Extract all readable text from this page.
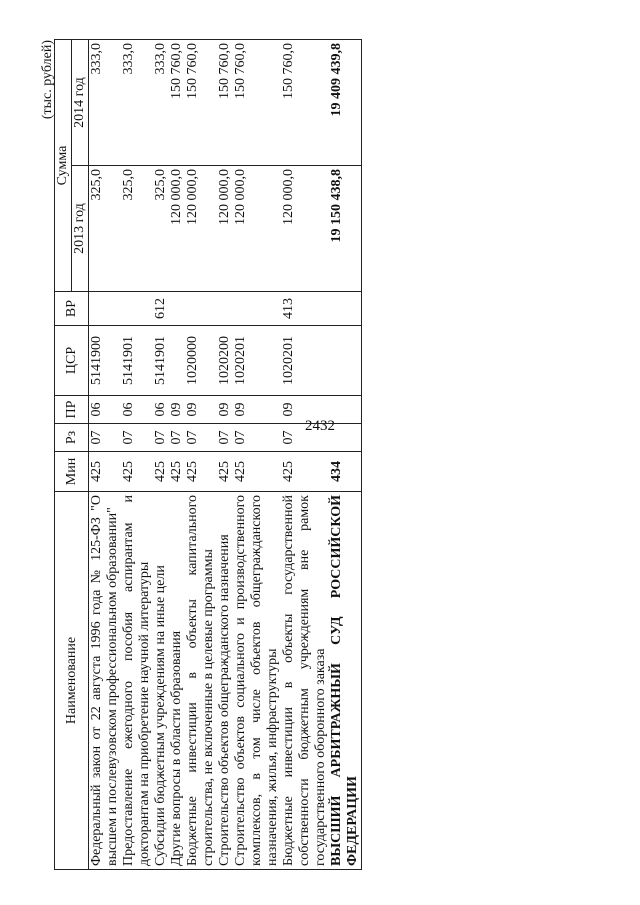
2432
(тыс. рублей)
Наименование	Мин	Рз	ПР	ЦСР	ВР	Сумма	
						2013 год	2014 год
Федеральный закон от 22 августа 1996 года № 125-ФЗ "О высшем и послевузовском профессиональном образовании"	425	07	06	5141900		325,0	333,0
Предоставление ежегодного пособия аспирантам и докторантам на приобретение научной литературы	425	07	06	5141901		325,0	333,0
Субсидии бюджетным учреждениям на иные цели	425	07	06	5141901	612	325,0	333,0
Другие вопросы в области образования	425	07	09			120 000,0	150 760,0
Бюджетные инвестиции в объекты капитального строительства, не включенные в целевые программы	425	07	09	1020000		120 000,0	150 760,0
Строительство объектов общегражданского назначения	425	07	09	1020200		120 000,0	150 760,0
Строительство объектов социального и производственного комплексов, в том числе объектов общегражданского назначения, жилья, инфраструктуры	425	07	09	1020201		120 000,0	150 760,0
Бюджетные инвестиции в объекты государственной собственности бюджетным учреждениям вне рамок государственного оборонного заказа	425	07	09	1020201	413	120 000,0	150 760,0
ВЫСШИЙ АРБИТРАЖНЫЙ СУД РОССИЙСКОЙ ФЕДЕРАЦИИ	434					19 150 438,8	19 409 439,8
